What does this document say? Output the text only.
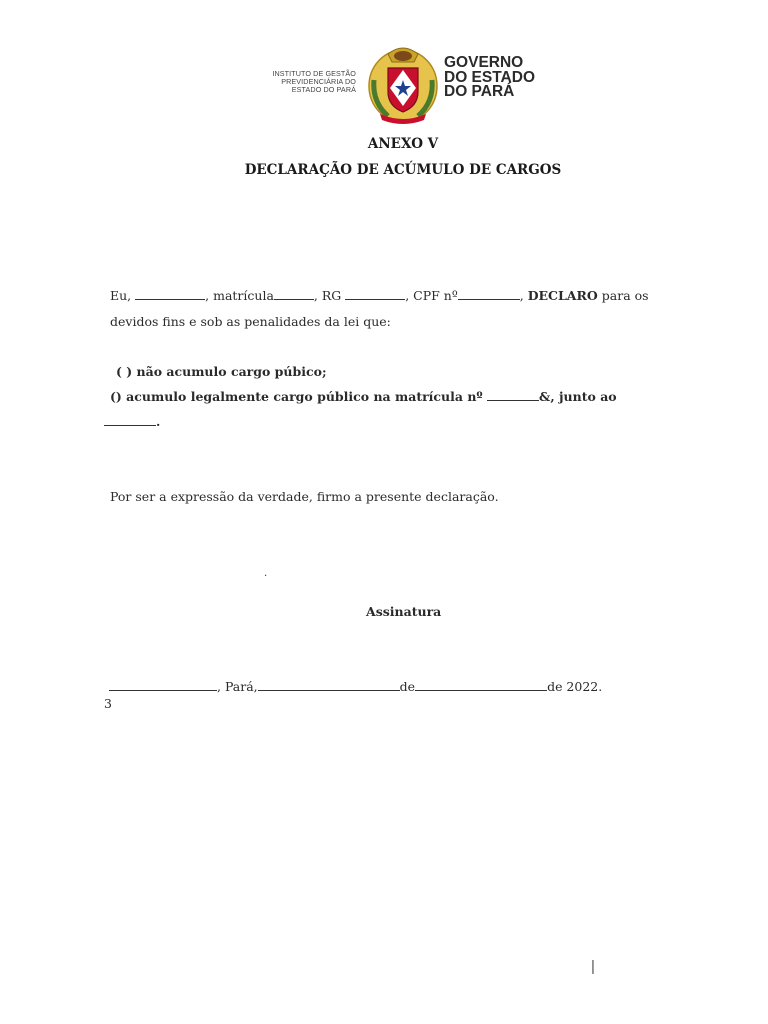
INSTITUTO DE GESTÃO
PREVIDENCIÁRIA DO
ESTADO DO PARÁ
GOVERNO
DO ESTADO
DO PARÁ
ANEXO V
DECLARAÇÃO DE ACÚMULO DE CARGOS
Eu,	, matrícula	, RG	, CPF nº	, DECLARO para os
devidos fins e sob as penalidades da lei que:
( ) não acumulo cargo púbico;
() acumulo legalmente cargo público na matrícula nº	&, junto ao
.
Por ser a expressão da verdade, firmo a presente declaração.
.
Assinatura
, Pará,	de	de 2022.
3
|
